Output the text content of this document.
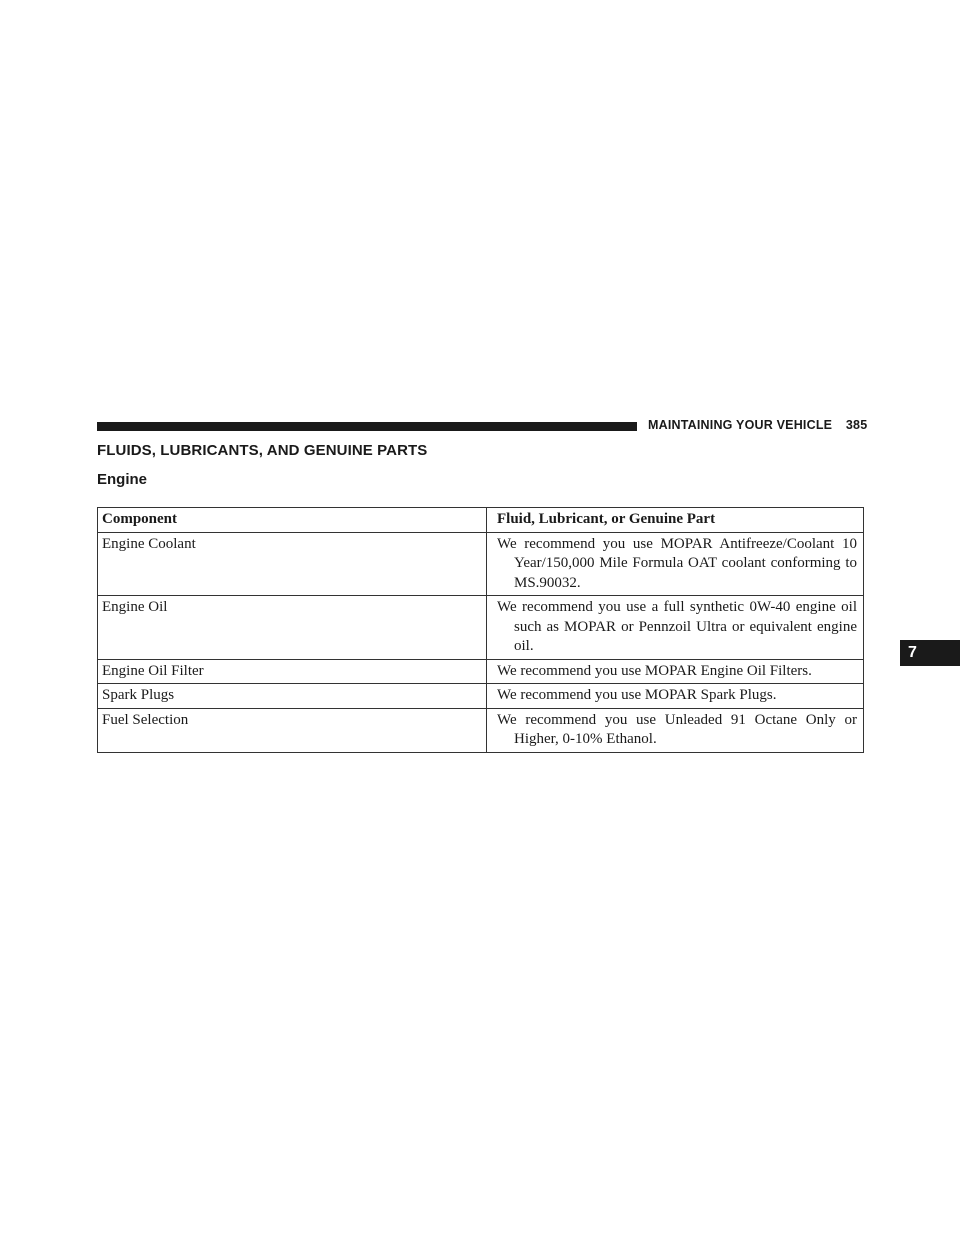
MAINTAINING YOUR VEHICLE 385
FLUIDS, LUBRICANTS, AND GENUINE PARTS
Engine
Component	Fluid, Lubricant, or Genuine Part
Engine Coolant	We recommend you use MOPAR Antifreeze/Coolant 10 Year/150,000 Mile Formula OAT coolant conforming to MS.90032.
Engine Oil	We recommend you use a full synthetic 0W-40 engine oil such as MOPAR or Pennzoil Ultra or equivalent engine oil.
Engine Oil Filter	We recommend you use MOPAR Engine Oil Filters.
Spark Plugs	We recommend you use MOPAR Spark Plugs.
Fuel Selection	We recommend you use Unleaded 91 Octane Only or Higher, 0-10% Ethanol.
7
